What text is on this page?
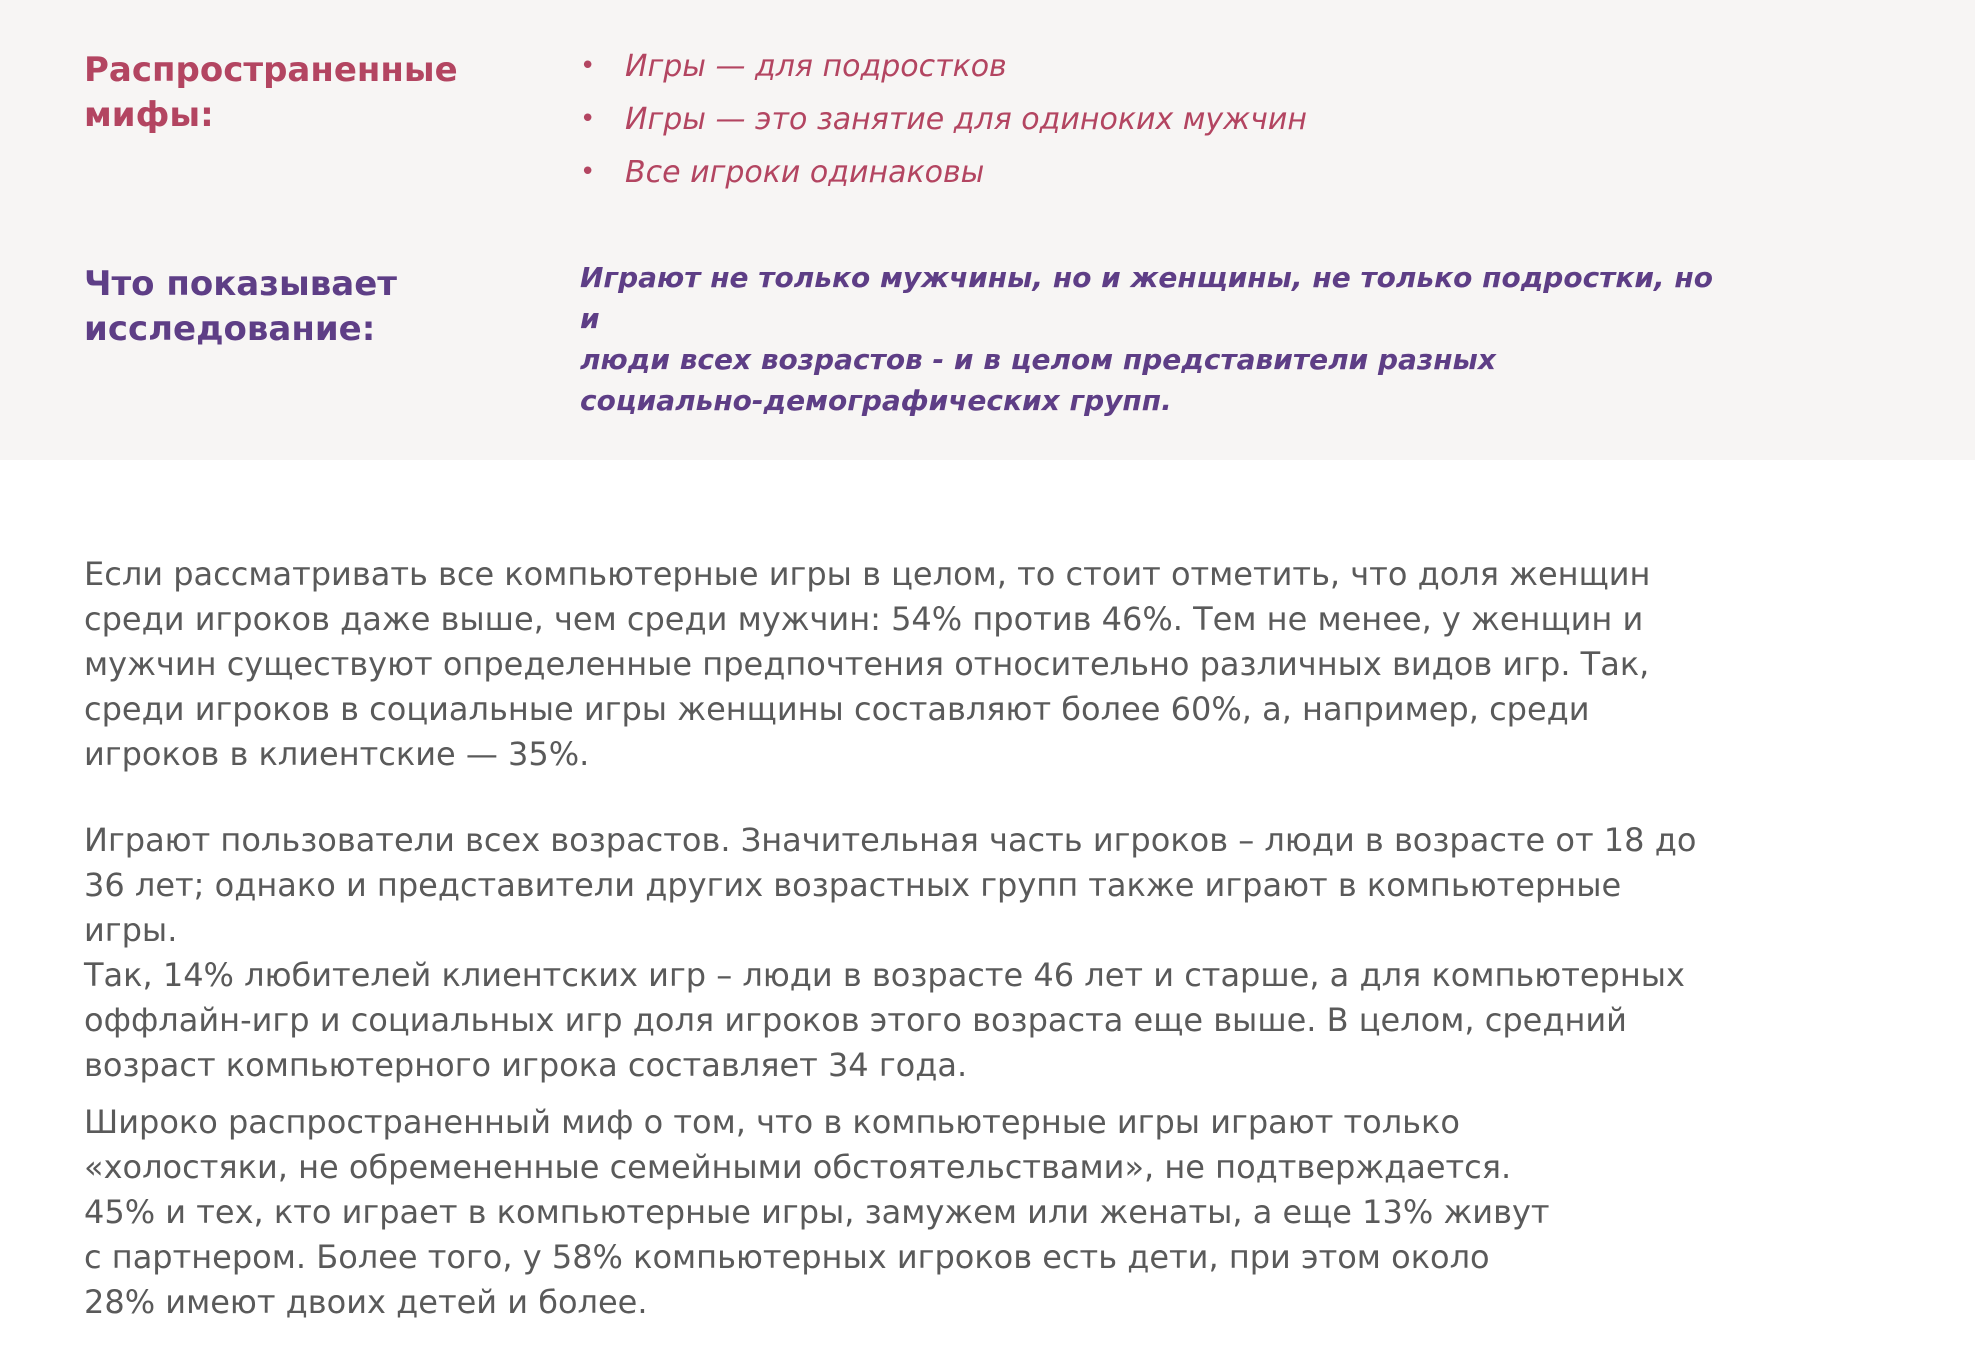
Распространенные
мифы:
• Игры — для подростков
• Игры — это занятие для одиноких мужчин
• Все игроки одинаковы
Что показывает
исследование:

Играют не только мужчины, но и женщины, не только подростки, но и
люди всех возрастов - и в целом представители разных
социально-демографических групп.

Если рассматривать все компьютерные игры в целом, то стоит отметить, что доля женщин
среди игроков даже выше, чем среди мужчин: 54% против 46%. Тем не менее, у женщин и
мужчин существуют определенные предпочтения относительно различных видов игр. Так,
среди игроков в социальные игры женщины составляют более 60%, а, например, среди
игроков в клиентские — 35%.

Играют пользователи всех возрастов. Значительная часть игроков – люди в возрасте от 18 до
36 лет; однако и представители других возрастных групп также играют в компьютерные игры.
Так, 14% любителей клиентских игр – люди в возрасте 46 лет и старше, а для компьютерных
оффлайн-игр и социальных игр доля игроков этого возраста еще выше. В целом, средний
возраст компьютерного игрока составляет 34 года.

Широко распространенный миф о том, что в компьютерные игры играют только
«холостяки, не обремененные семейными обстоятельствами», не подтверждается.
45% и тех, кто играет в компьютерные игры, замужем или женаты, а еще 13% живут
с партнером. Более того, у 58% компьютерных игроков есть дети, при этом около
28% имеют двоих детей и более.
